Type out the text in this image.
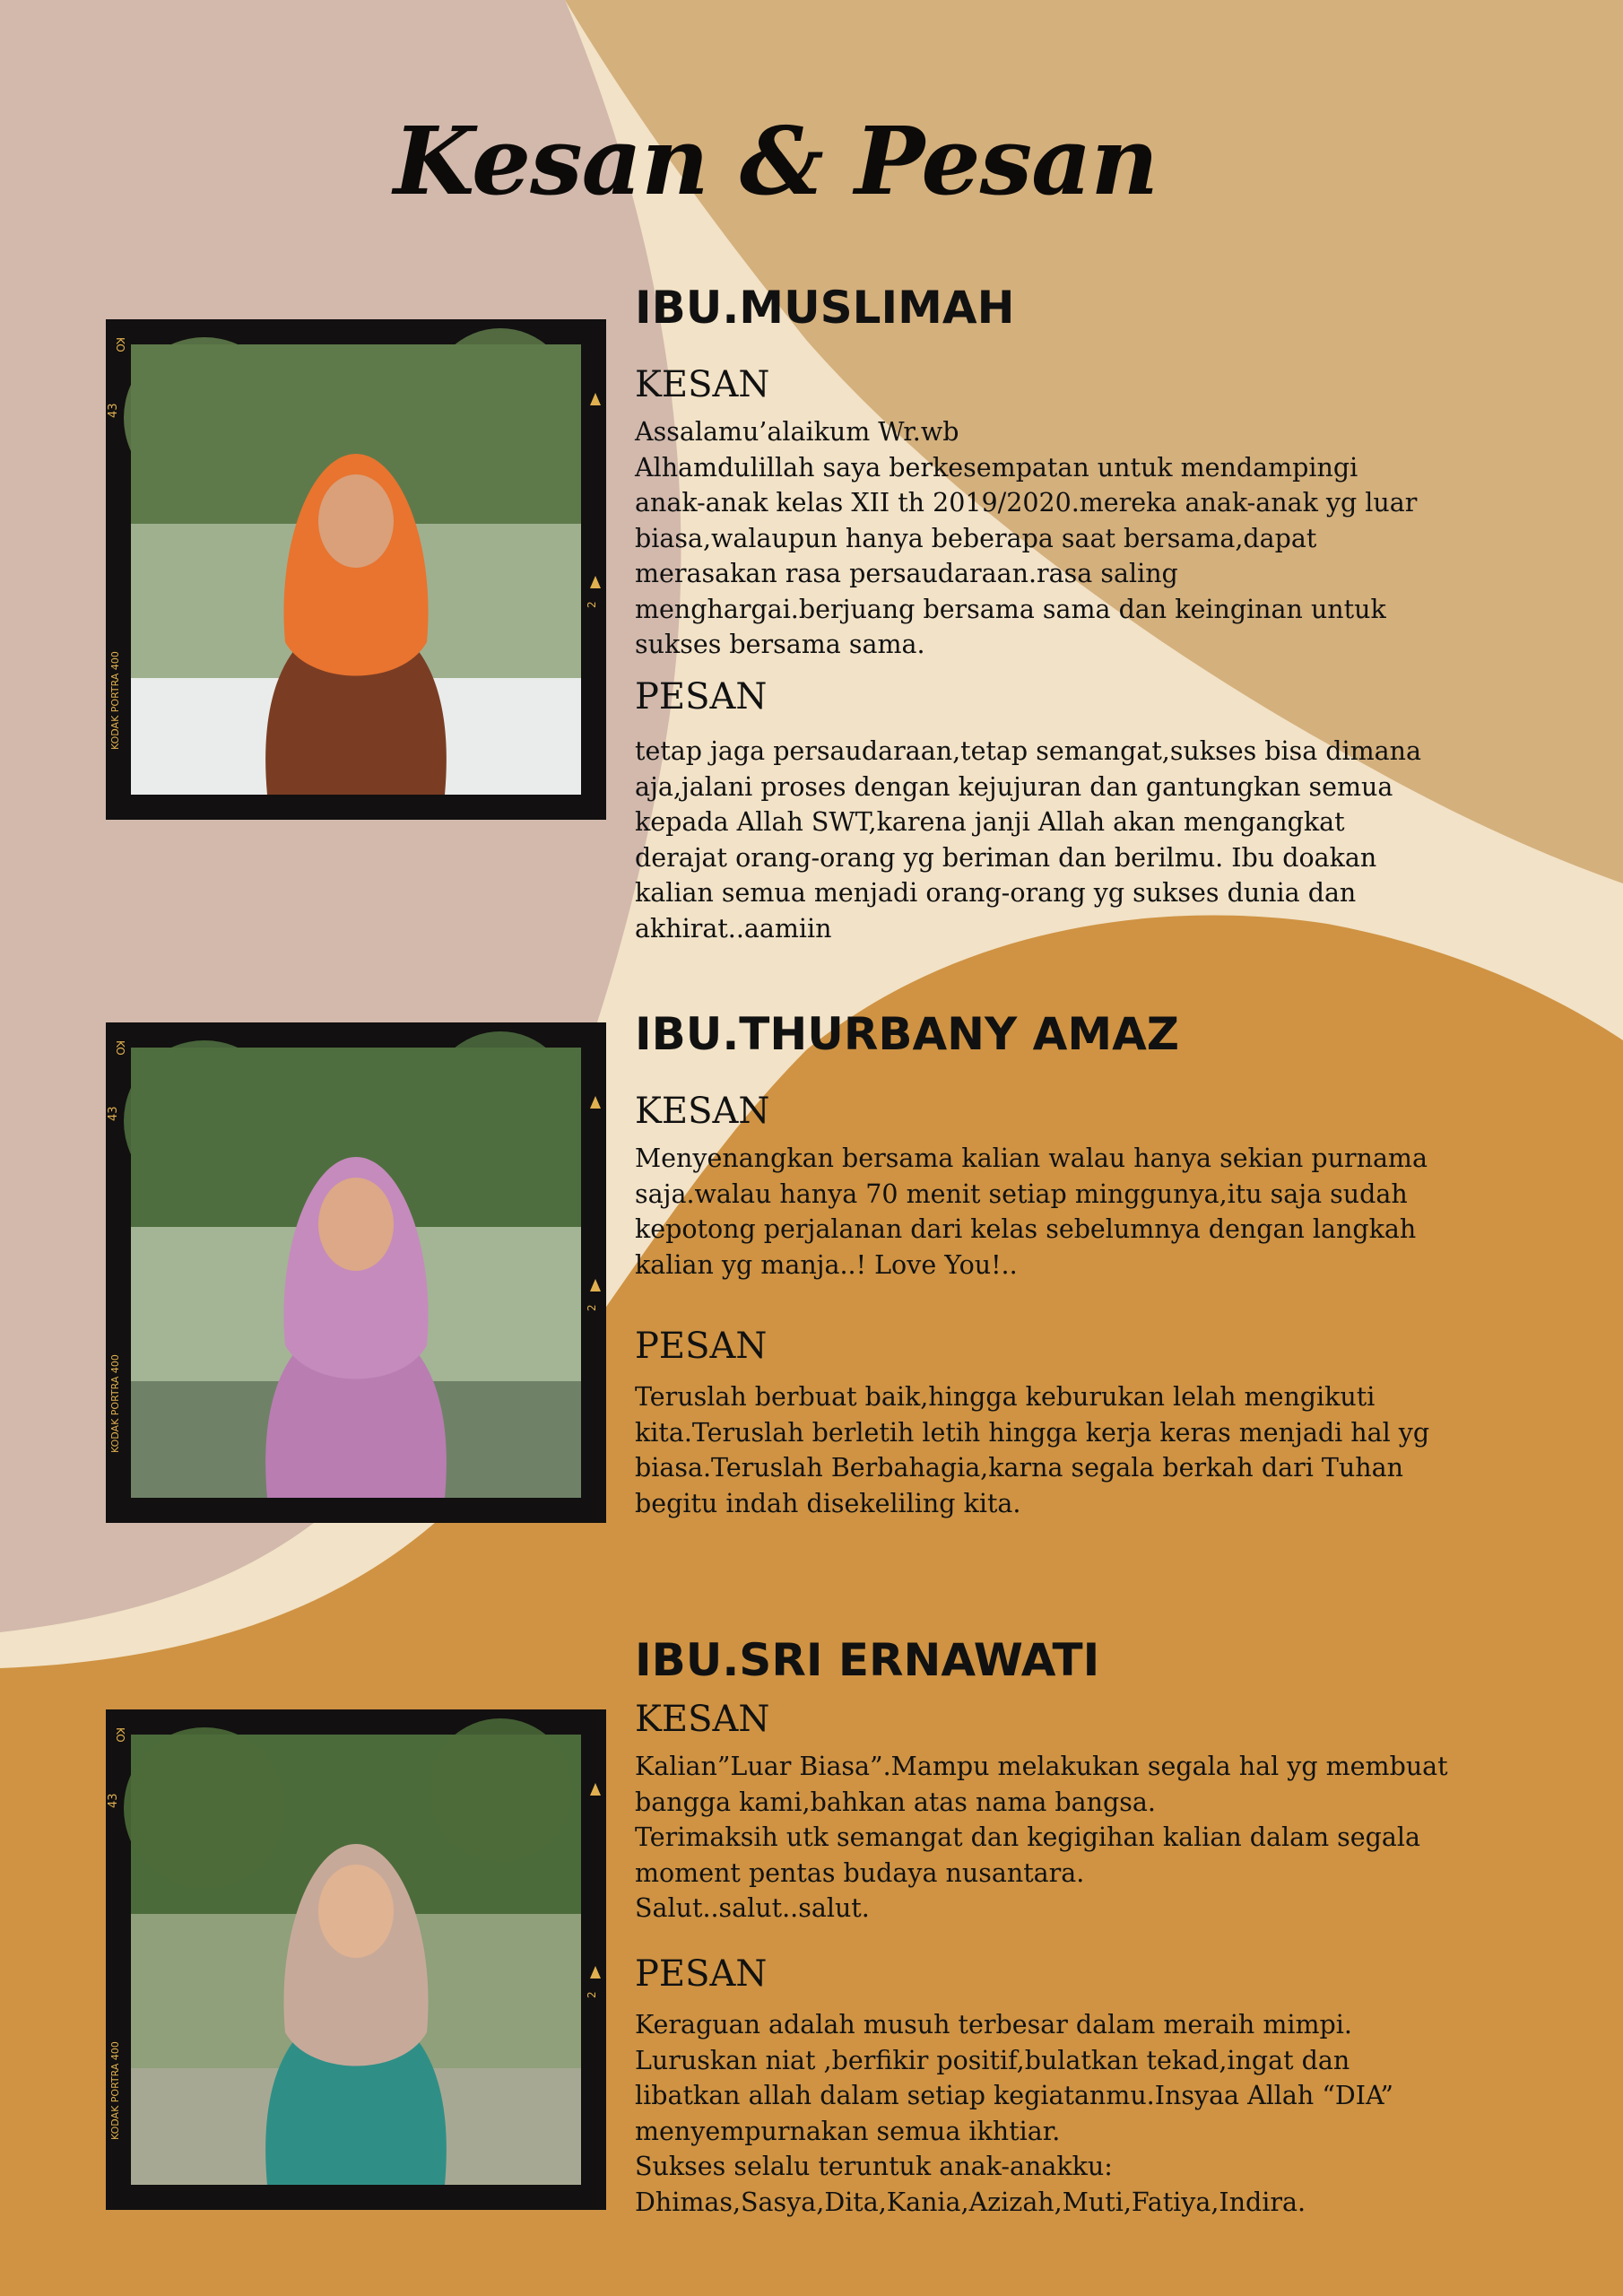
Kesan & Pesan
KO
43
KODAK PORTRA 400
2
KO
43
KODAK PORTRA 400
2
KO
43
KODAK PORTRA 400
2
IBU.MUSLIMAH
KESAN
Assalamu’alaikum Wr.wb
Alhamdulillah saya berkesempatan untuk mendampingi
anak-anak kelas XII th 2019/2020.mereka anak-anak yg luar
biasa,walaupun hanya beberapa saat bersama,dapat
merasakan rasa persaudaraan.rasa saling
menghargai.berjuang bersama sama dan keinginan untuk
sukses bersama sama.
PESAN
tetap jaga persaudaraan,tetap semangat,sukses bisa dimana
aja,jalani proses dengan kejujuran dan gantungkan semua
kepada Allah SWT,karena janji Allah akan mengangkat
derajat orang-orang yg beriman dan berilmu. Ibu doakan
kalian semua menjadi orang-orang yg sukses dunia dan
akhirat..aamiin
IBU.THURBANY AMAZ
KESAN
Menyenangkan bersama kalian walau hanya sekian purnama
saja.walau hanya 70 menit setiap minggunya,itu saja sudah
kepotong perjalanan dari kelas sebelumnya dengan langkah
kalian yg manja..! Love You!..
PESAN
Teruslah berbuat baik,hingga keburukan lelah mengikuti
kita.Teruslah berletih letih hingga kerja keras menjadi hal yg
biasa.Teruslah Berbahagia,karna segala berkah dari Tuhan
begitu indah disekeliling kita.
IBU.SRI ERNAWATI
KESAN
Kalian”Luar Biasa”.Mampu melakukan segala hal yg membuat
bangga kami,bahkan atas nama bangsa.
Terimaksih utk semangat dan kegigihan kalian dalam segala
moment pentas budaya nusantara.
Salut..salut..salut.
PESAN
Keraguan adalah musuh terbesar dalam meraih mimpi.
Luruskan niat ,berfikir positif,bulatkan tekad,ingat dan
libatkan allah dalam setiap kegiatanmu.Insyaa Allah “DIA”
menyempurnakan semua ikhtiar.
Sukses selalu teruntuk anak-anakku:
Dhimas,Sasya,Dita,Kania,Azizah,Muti,Fatiya,Indira.
